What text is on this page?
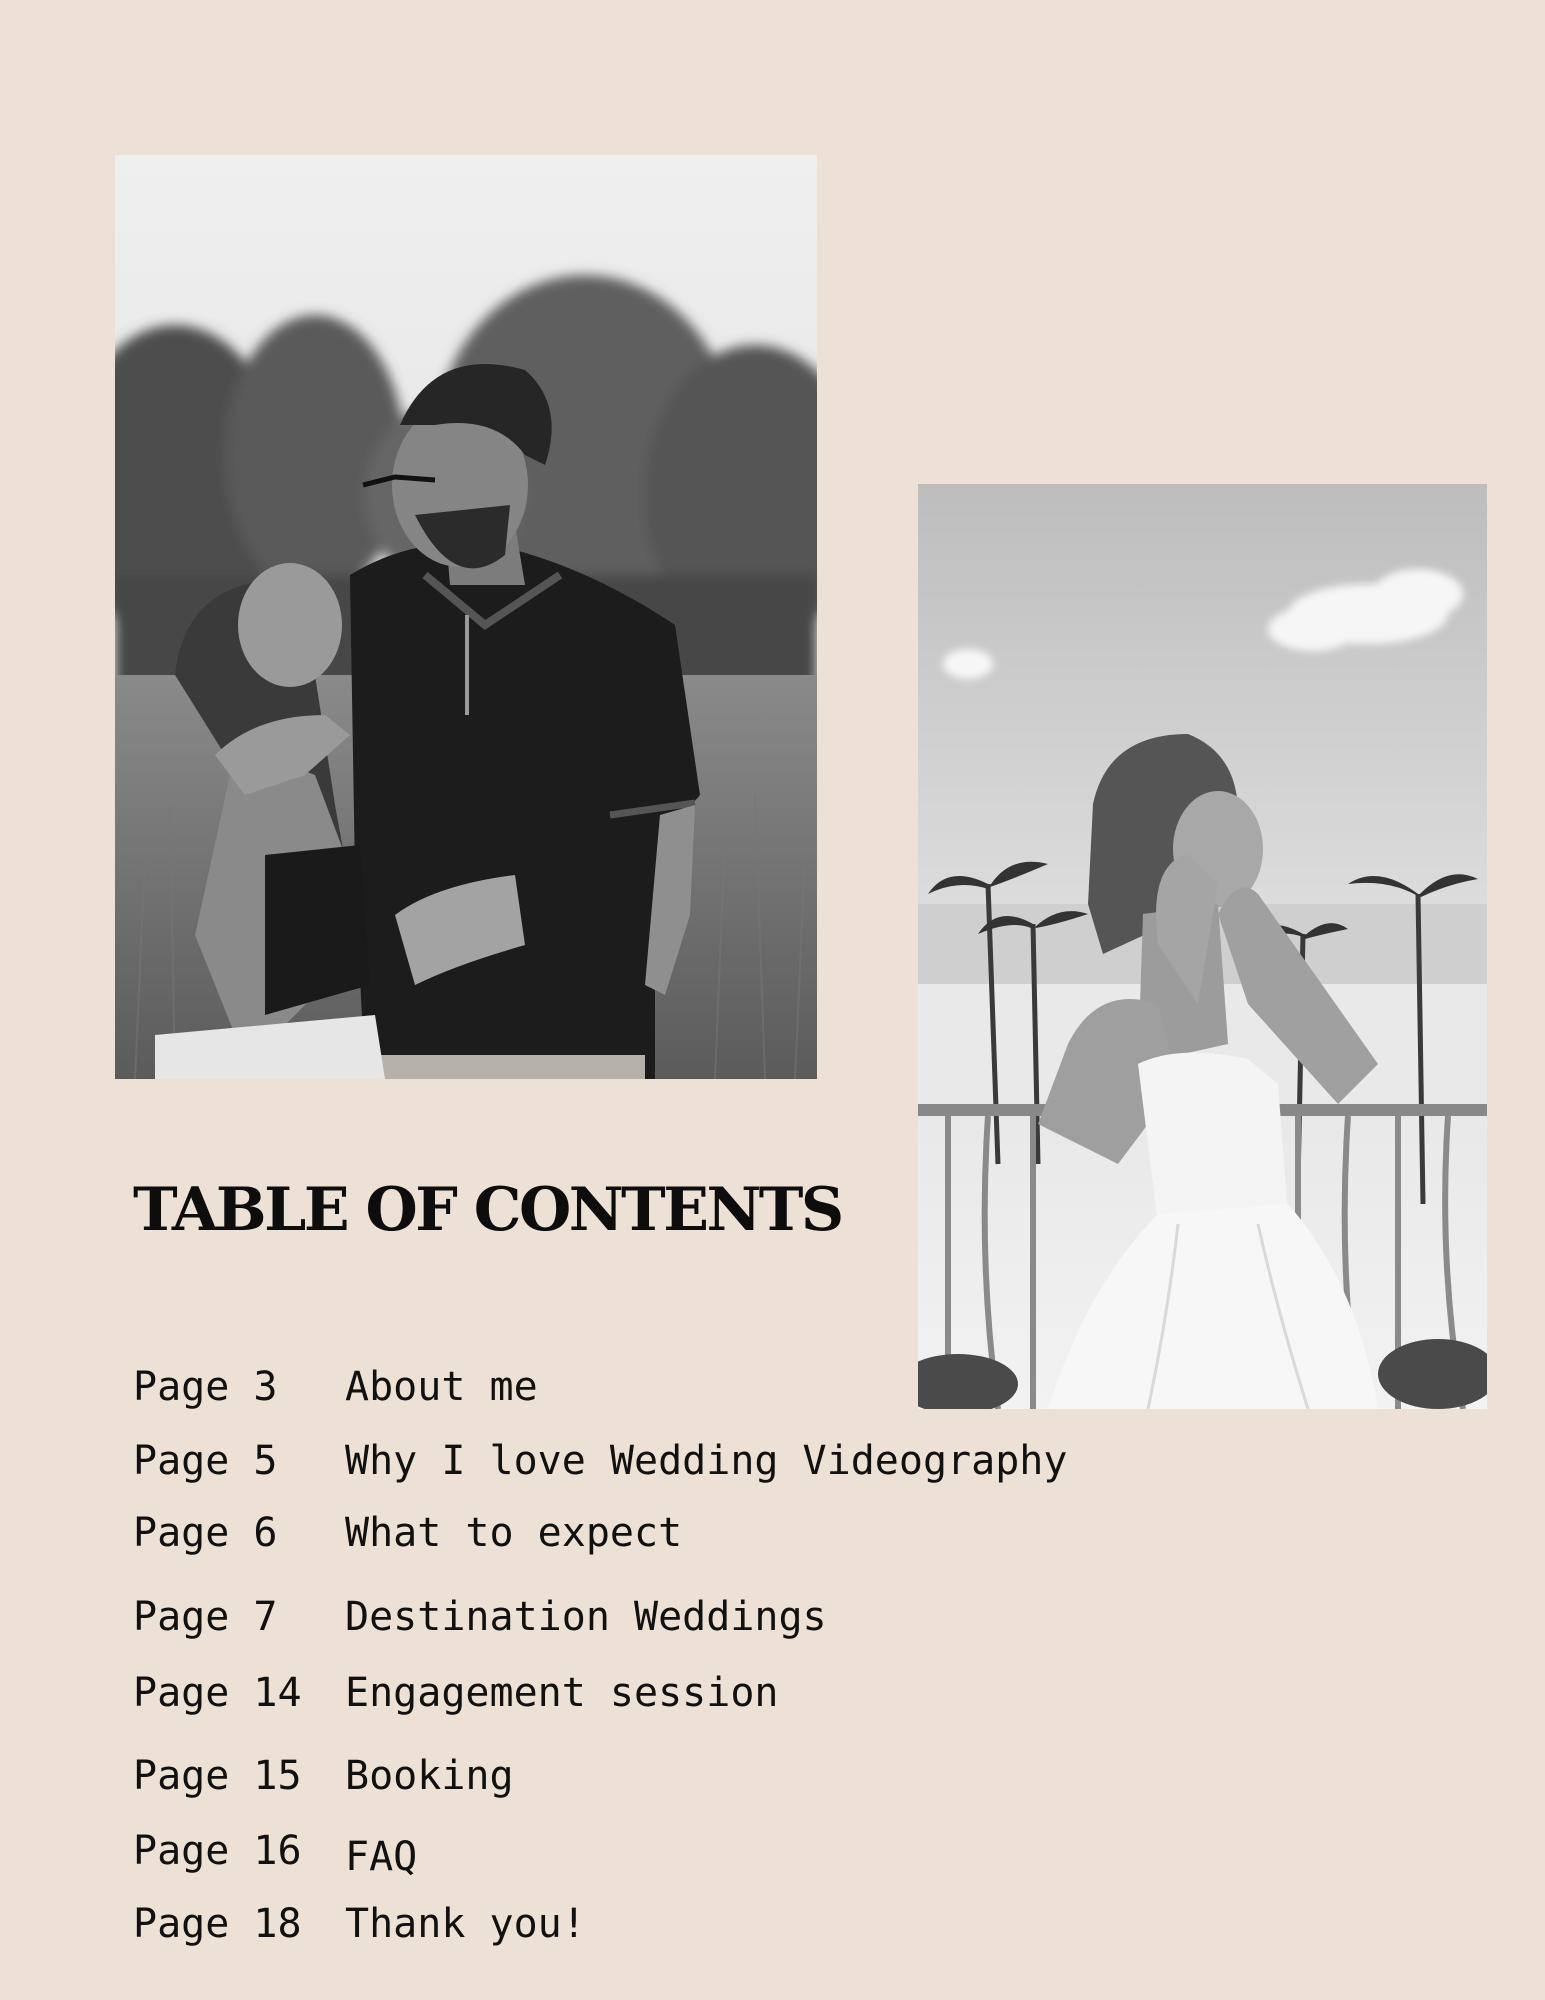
TABLE OF CONTENTS
Page 3 About me
Page 5 Why I love Wedding Videography
Page 6 What to expect
Page 7 Destination Weddings
Page 14 Engagement session
Page 15 Booking
Page 16 FAQ
Page 18 Thank you!
